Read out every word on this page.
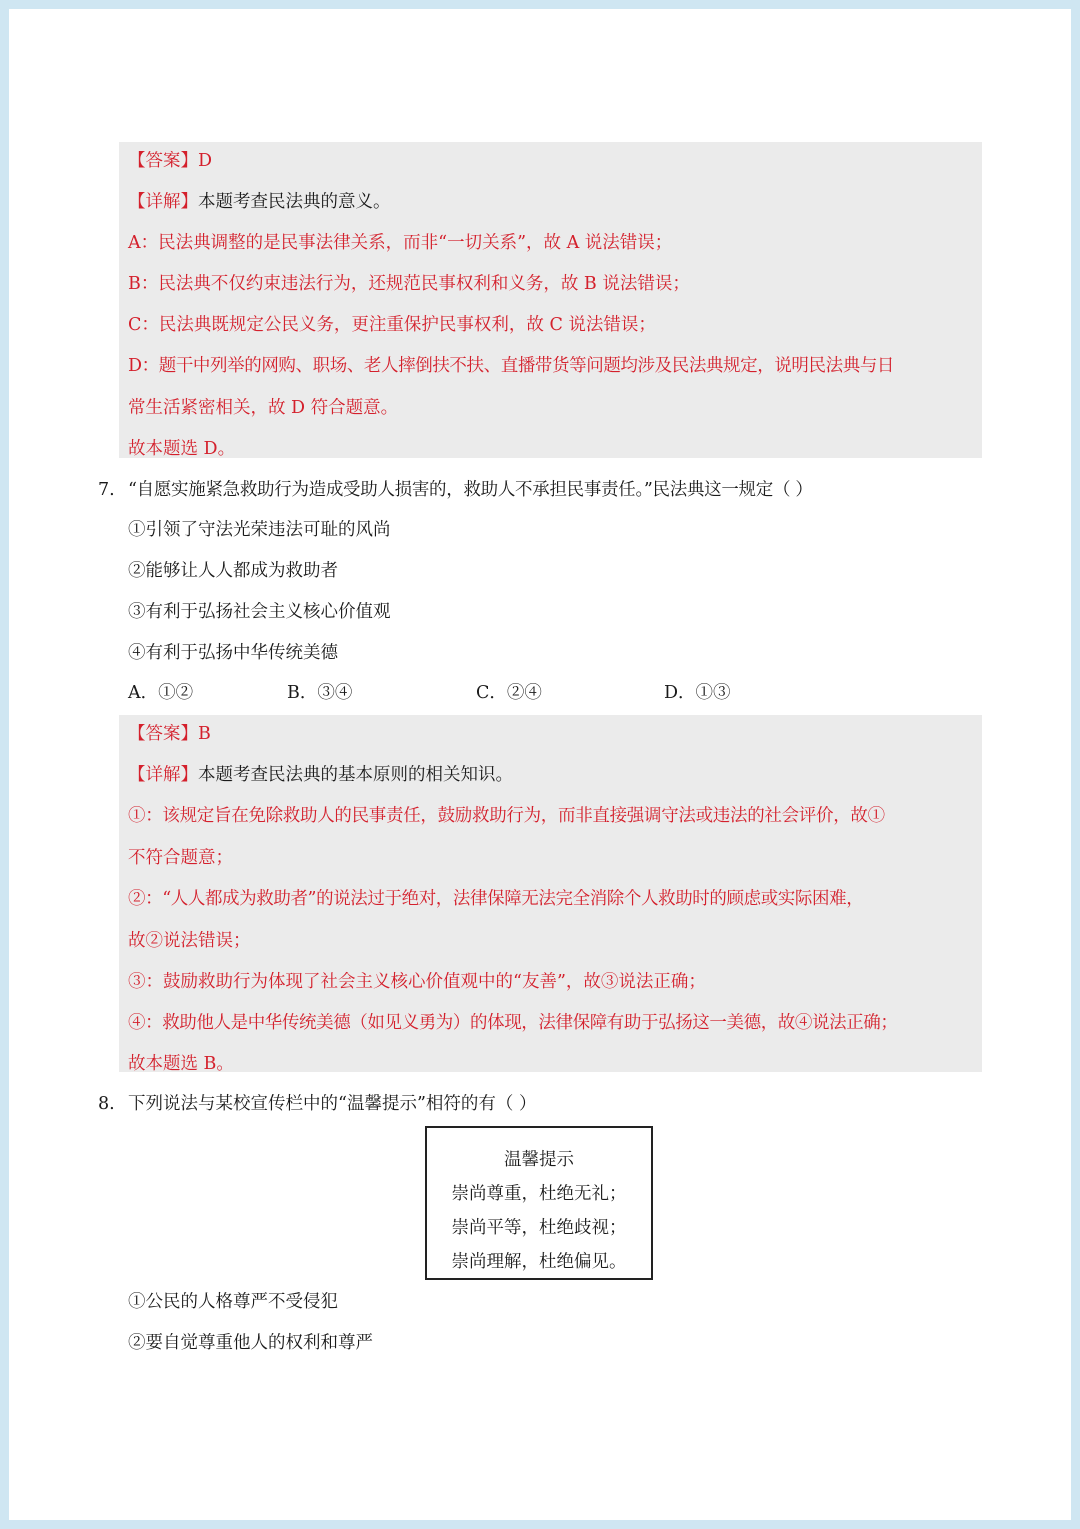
【答案】D
【详解】本题考查民法典的意义。
A：民法典调整的是民事法律关系，而非“一切关系”，故 A 说法错误；
B：民法典不仅约束违法行为，还规范民事权利和义务，故 B 说法错误；
C：民法典既规定公民义务，更注重保护民事权利，故 C 说法错误；
D：题干中列举的网购、职场、老人摔倒扶不扶、直播带货等问题均涉及民法典规定，说明民法典与日
常生活紧密相关，故 D 符合题意。
故本题选 D。
7. “自愿实施紧急救助行为造成受助人损害的，救助人不承担民事责任。”民法典这一规定（ ）
①引领了守法光荣违法可耻的风尚
②能够让人人都成为救助者
③有利于弘扬社会主义核心价值观
④有利于弘扬中华传统美德
A．①②	B．③④	C．②④	D．①③
【答案】B
【详解】本题考查民法典的基本原则的相关知识。
①：该规定旨在免除救助人的民事责任，鼓励救助行为，而非直接强调守法或违法的社会评价，故①
不符合题意；
②：“人人都成为救助者”的说法过于绝对，法律保障无法完全消除个人救助时的顾虑或实际困难，
故②说法错误；
③：鼓励救助行为体现了社会主义核心价值观中的“友善”，故③说法正确；
④：救助他人是中华传统美德（如见义勇为）的体现，法律保障有助于弘扬这一美德，故④说法正确；
故本题选 B。
8. 下列说法与某校宣传栏中的“温馨提示”相符的有（ ）
温馨提示
崇尚尊重，杜绝无礼；
崇尚平等，杜绝歧视；
崇尚理解，杜绝偏见。
①公民的人格尊严不受侵犯
②要自觉尊重他人的权利和尊严
